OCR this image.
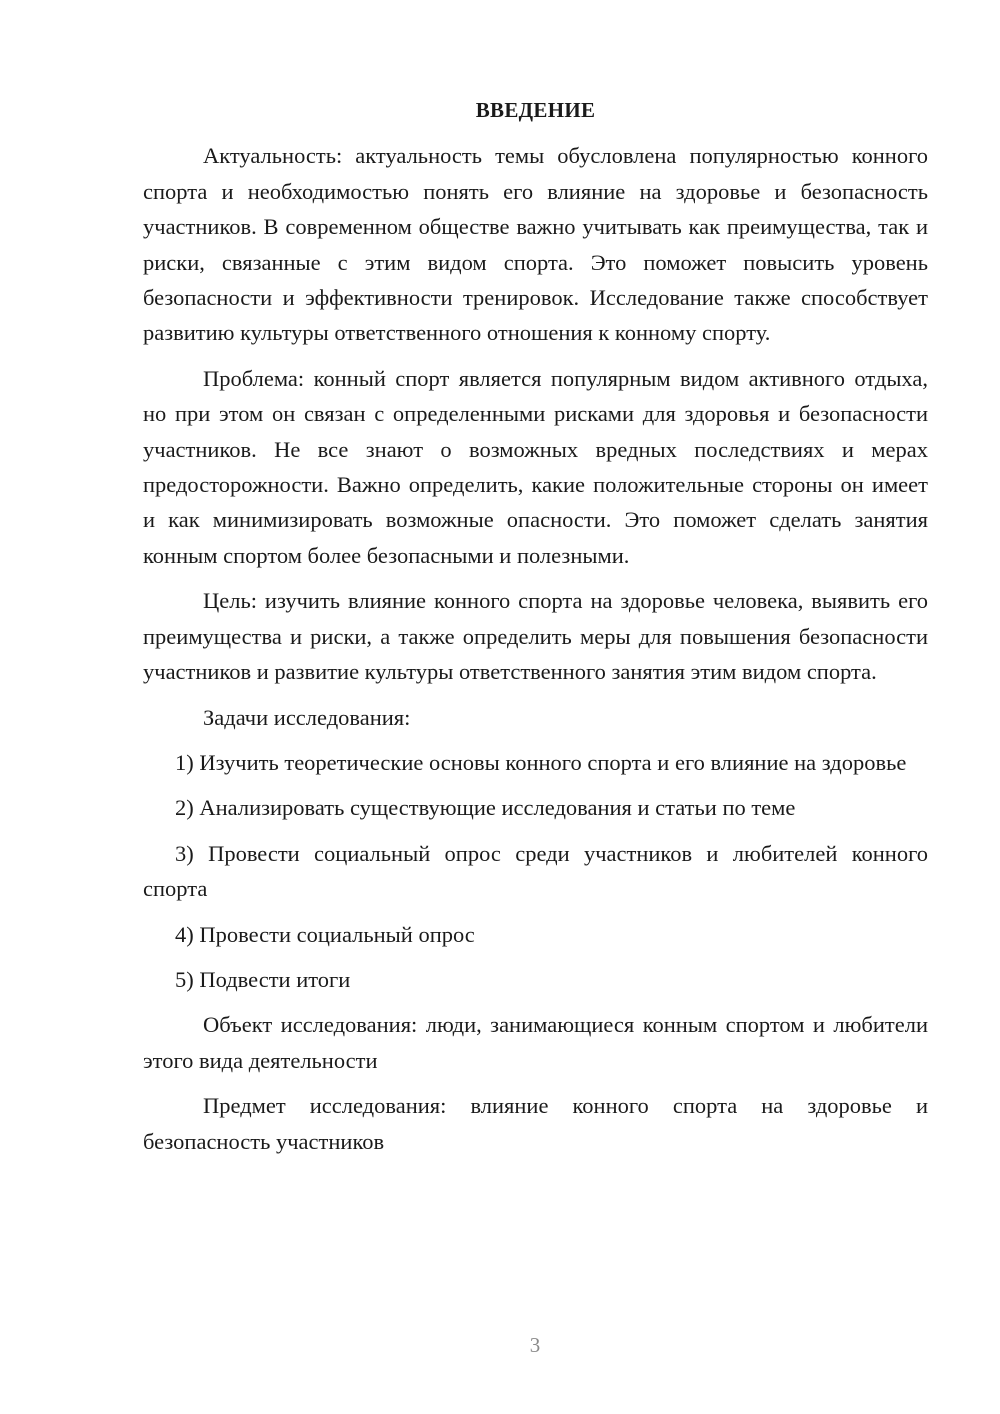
ВВЕДЕНИЕ

Актуальность: актуальность темы обусловлена популярностью конного спорта и необходимостью понять его влияние на здоровье и безопасность участников. В современном обществе важно учитывать как преимущества, так и риски, связанные с этим видом спорта. Это поможет повысить уровень безопасности и эффективности тренировок. Исследование также способствует развитию культуры ответственного отношения к конному спорту.

Проблема: конный спорт является популярным видом активного отдыха, но при этом он связан с определенными рисками для здоровья и безопасности участников. Не все знают о возможных вредных последствиях и мерах предосторожности. Важно определить, какие положительные стороны он имеет и как минимизировать возможные опасности. Это поможет сделать занятия конным спортом более безопасными и полезными.

Цель: изучить влияние конного спорта на здоровье человека, выявить его преимущества и риски, а также определить меры для повышения безопасности участников и развитие культуры ответственного занятия этим видом спорта.

Задачи исследования:

1) Изучить теоретические основы конного спорта и его влияние на здоровье

2) Анализировать существующие исследования и статьи по теме

3) Провести социальный опрос среди участников и любителей конного спорта

4) Провести социальный опрос

5) Подвести итоги

Объект исследования: люди, занимающиеся конным спортом и любители этого вида деятельности

Предмет исследования: влияние конного спорта на здоровье и безопасность участников

3
